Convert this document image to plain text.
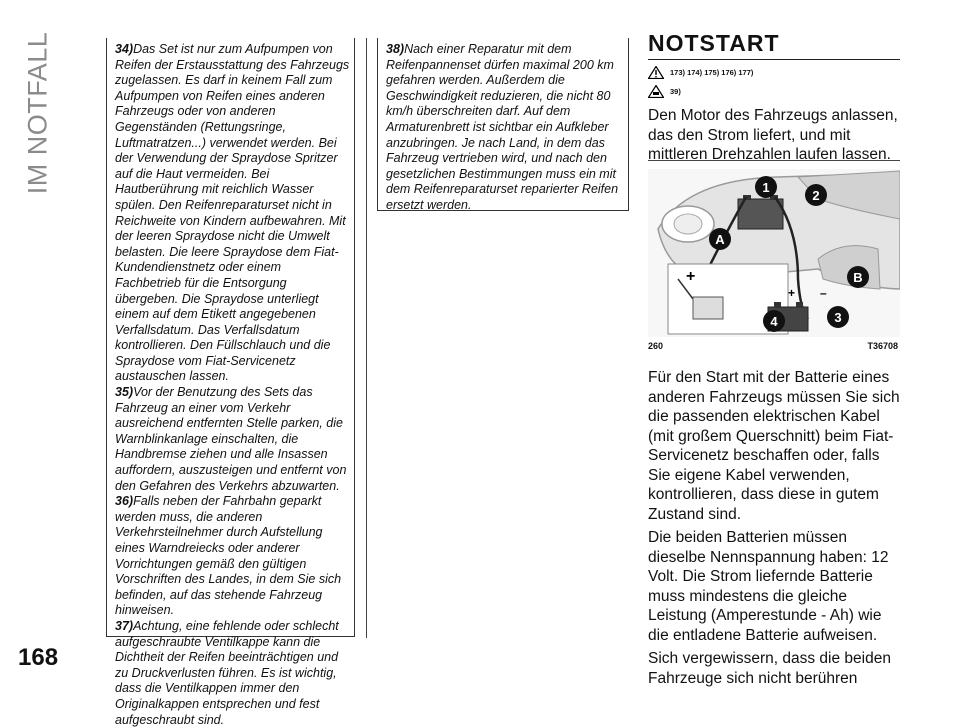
IM NOTFALL	34)Das Set ist nur zum Aufpumpen von Reifen der Erstausstattung des Fahrzeugs zugelassen. Es darf in keinem Fall zum Aufpumpen von Reifen eines anderen Fahrzeugs oder von anderen Gegenständen (Rettungsringe, Luftmatratzen...) verwendet werden. Bei der Verwendung der Spraydose Spritzer auf die Haut vermeiden. Bei Hautberührung mit reichlich Wasser spülen. Den Reifenreparaturset nicht in Reichweite von Kindern aufbewahren. Mit der leeren Spraydose nicht die Umwelt belasten. Die leere Spraydose dem Fiat-Kundendienstnetz oder einem Fachbetrieb für die Entsorgung übergeben. Die Spraydose unterliegt einem auf dem Etikett angegebenen Verfallsdatum. Das Verfallsdatum kontrollieren. Den Füllschlauch und die Spraydose vom Fiat-Servicenetz austauschen lassen.

35)Vor der Benutzung des Sets das Fahrzeug an einer vom Verkehr ausreichend entfernten Stelle parken, die Warnblinkanlage einschalten, die Handbremse ziehen und alle Insassen auffordern, auszusteigen und entfernt von den Gefahren des Verkehrs abzuwarten.

36)Falls neben der Fahrbahn geparkt werden muss, die anderen Verkehrsteilnehmer durch Aufstellung eines Warndreiecks oder anderer Vorrichtungen gemäß den gültigen Vorschriften des Landes, in dem Sie sich befinden, auf das stehende Fahrzeug hinweisen.

37)Achtung, eine fehlende oder schlecht aufgeschraubte Ventilkappe kann die Dichtheit der Reifen beeinträchtigen und zu Druckverlusten führen. Es ist wichtig, dass die Ventilkappen immer den Originalkappen entsprechen und fest aufgeschraubt sind.

38)Nach einer Reparatur mit dem Reifenpannenset dürfen maximal 200 km gefahren werden. Außerdem die Geschwindigkeit reduzieren, die nicht 80 km/h überschreiten darf. Auf dem Armaturenbrett ist sichtbar ein Aufkleber anzubringen. Je nach Land, in dem das Fahrzeug vertrieben wird, und nach den gesetzlichen Bestimmungen muss ein mit dem Reifenreparaturset reparierter Reifen ersetzt werden.

NOTSTART
173) 174) 175) 176) 177)
39)

Den Motor des Fahrzeugs anlassen, das den Strom liefert, und mit mittleren Drehzahlen laufen lassen.

+
+ –
1
2
A
B
4	3
260	T36708

Für den Start mit der Batterie eines anderen Fahrzeugs müssen Sie sich die passenden elektrischen Kabel (mit großem Querschnitt) beim Fiat-Servicenetz beschaffen oder, falls Sie eigene Kabel verwenden, kontrollieren, dass diese in gutem Zustand sind.

Die beiden Batterien müssen dieselbe Nennspannung haben: 12 Volt. Die Strom liefernde Batterie muss mindestens die gleiche Leistung (Amperestunde - Ah) wie die entladene Batterie aufweisen.

Sich vergewissern, dass die beiden Fahrzeuge sich nicht berühren

168
